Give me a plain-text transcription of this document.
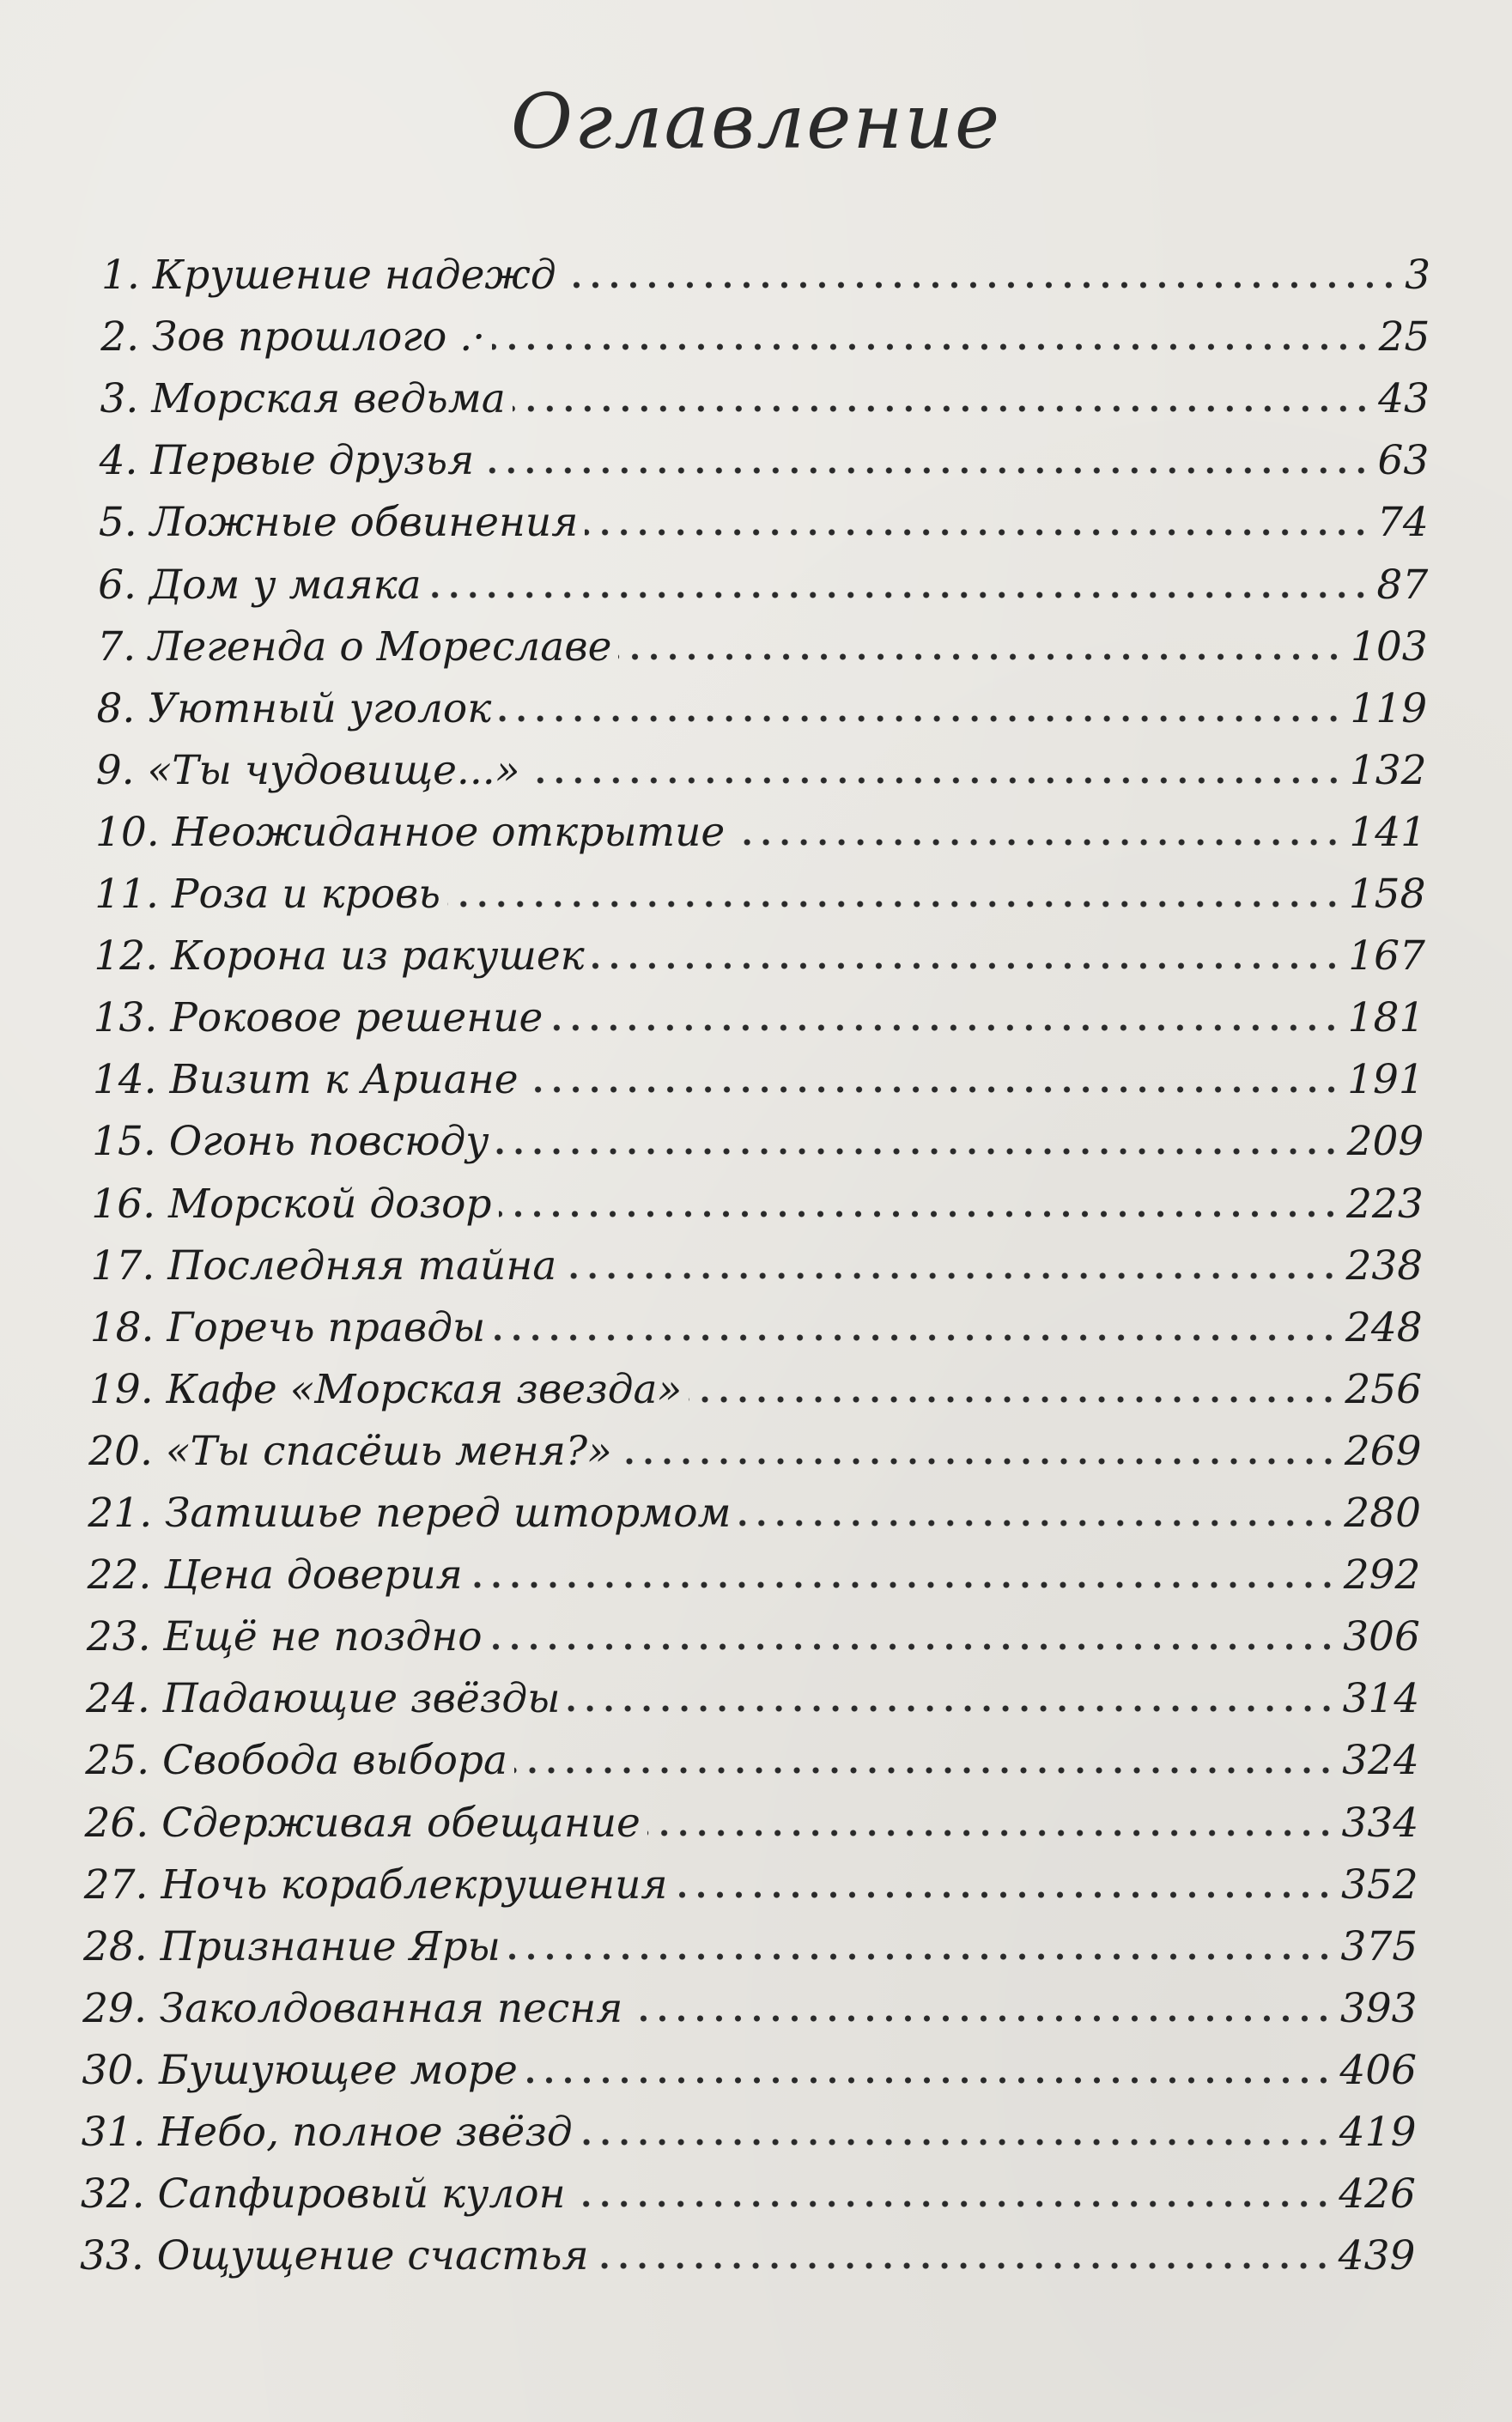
Оглавление
1. Крушение надежд	3
2. Зов прошлого .·	25
3. Морская ведьма	43
4. Первые друзья	63
5. Ложные обвинения	74
6. Дом у маяка	87
7. Легенда о Мореславе	103
8. Уютный уголок	119
9. «Ты чудовище...»	132
10. Неожиданное открытие	141
11. Роза и кровь	158
12. Корона из ракушек	167
13. Роковое решение	181
14. Визит к Ариане	191
15. Огонь повсюду	209
16. Морской дозор	223
17. Последняя тайна	238
18. Горечь правды	248
19. Кафе «Морская звезда»	256
20. «Ты спасёшь меня?»	269
21. Затишье перед штормом	280
22. Цена доверия	292
23. Ещё не поздно	306
24. Падающие звёзды	314
25. Свобода выбора	324
26. Сдерживая обещание	334
27. Ночь кораблекрушения	352
28. Признание Яры	375
29. Заколдованная песня	393
30. Бушующее море	406
31. Небо, полное звёзд	419
32. Сапфировый кулон	426
33. Ощущение счастья	439
